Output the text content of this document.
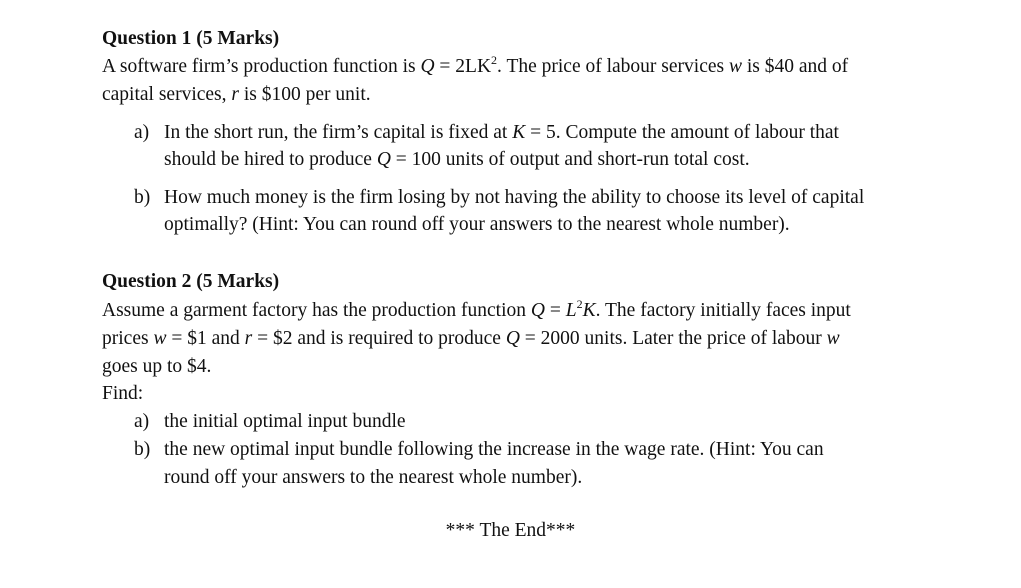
Question 1 (5 Marks)
A software firm’s production function is $Q = 2LK^2$. The price of labour services w is $40 and of
capital services, r is $100 per unit.
a) In the short run, the firm’s capital is fixed at K = 5. Compute the amount of labour that
should be hired to produce Q = 100 units of output and short-run total cost.
b) How much money is the firm losing by not having the ability to choose its level of capital
optimally? (Hint: You can round off your answers to the nearest whole number).
Question 2 (5 Marks)
Assume a garment factory has the production function $Q = L^2K$. The factory initially faces input
prices w = $1 and r = $2 and is required to produce Q = 2000 units. Later the price of labour w
goes up to $4.
Find:
a) the initial optimal input bundle
b) the new optimal input bundle following the increase in the wage rate. (Hint: You can
round off your answers to the nearest whole number).
*** The End***
